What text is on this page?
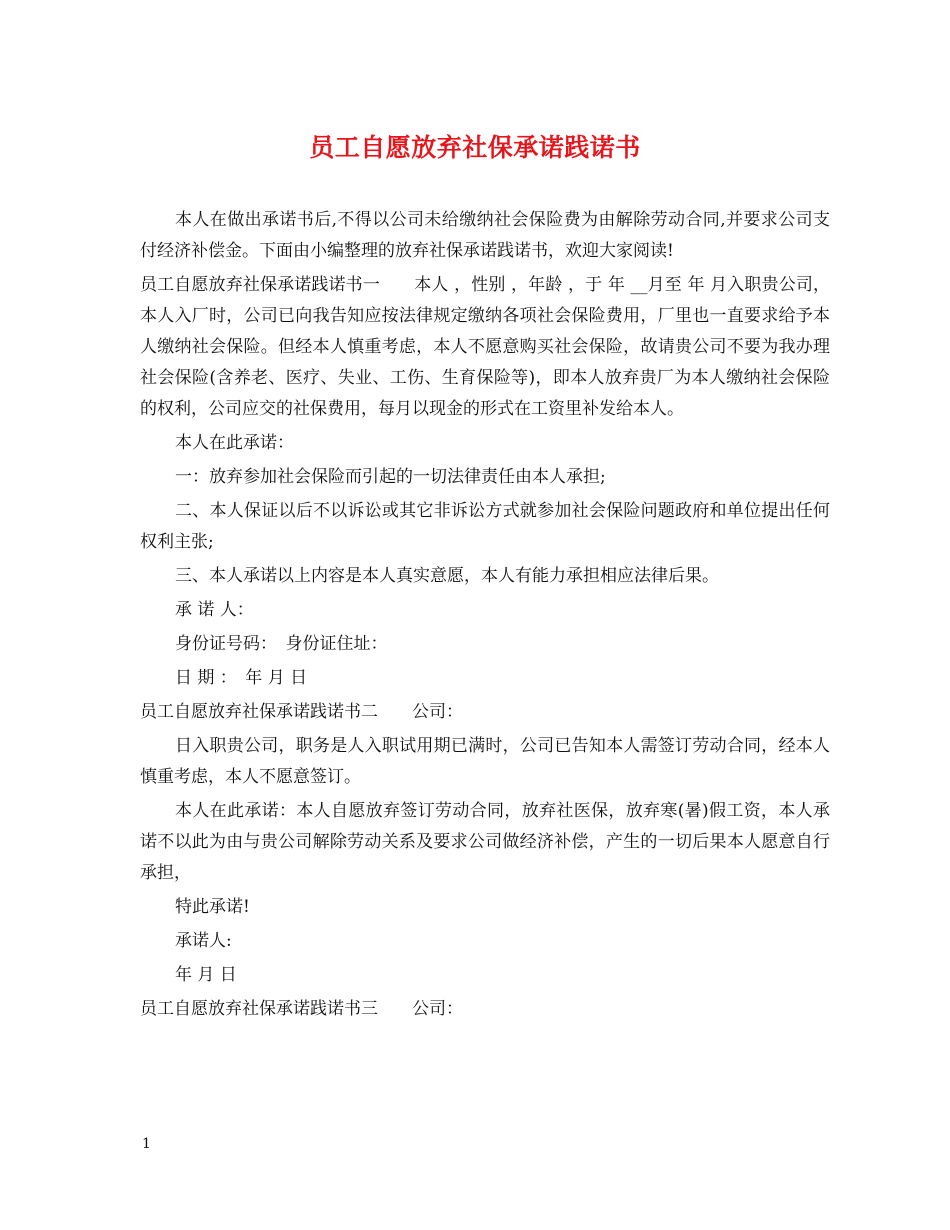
员工自愿放弃社保承诺践诺书

本人在做出承诺书后,不得以公司未给缴纳社会保险费为由解除劳动合同,并要求公司支付经济补偿金。下面由小编整理的放弃社保承诺践诺书，欢迎大家阅读!

员工自愿放弃社保承诺践诺书一　　本人 ，性别 ，年龄 ，于 年 __月至 年 月入职贵公司，本人入厂时，公司已向我告知应按法律规定缴纳各项社会保险费用，厂里也一直要求给予本人缴纳社会保险。但经本人慎重考虑，本人不愿意购买社会保险，故请贵公司不要为我办理社会保险(含养老、医疗、失业、工伤、生育保险等)，即本人放弃贵厂为本人缴纳社会保险的权利，公司应交的社保费用，每月以现金的形式在工资里补发给本人。

本人在此承诺：

一：放弃参加社会保险而引起的一切法律责任由本人承担;

二、本人保证以后不以诉讼或其它非诉讼方式就参加社会保险问题政府和单位提出任何权利主张;

三、本人承诺以上内容是本人真实意愿，本人有能力承担相应法律后果。

承 诺 人：

身份证号码：　身份证住址：

日 期 ：　年 月 日

员工自愿放弃社保承诺践诺书二　　公司：

日入职贵公司，职务是人入职试用期已满时，公司已告知本人需签订劳动合同，经本人慎重考虑，本人不愿意签订。

本人在此承诺：本人自愿放弃签订劳动合同，放弃社医保，放弃寒(暑)假工资，本人承诺不以此为由与贵公司解除劳动关系及要求公司做经济补偿，产生的一切后果本人愿意自行承担，

特此承诺!

承诺人:

年 月 日

员工自愿放弃社保承诺践诺书三　　公司：

1
